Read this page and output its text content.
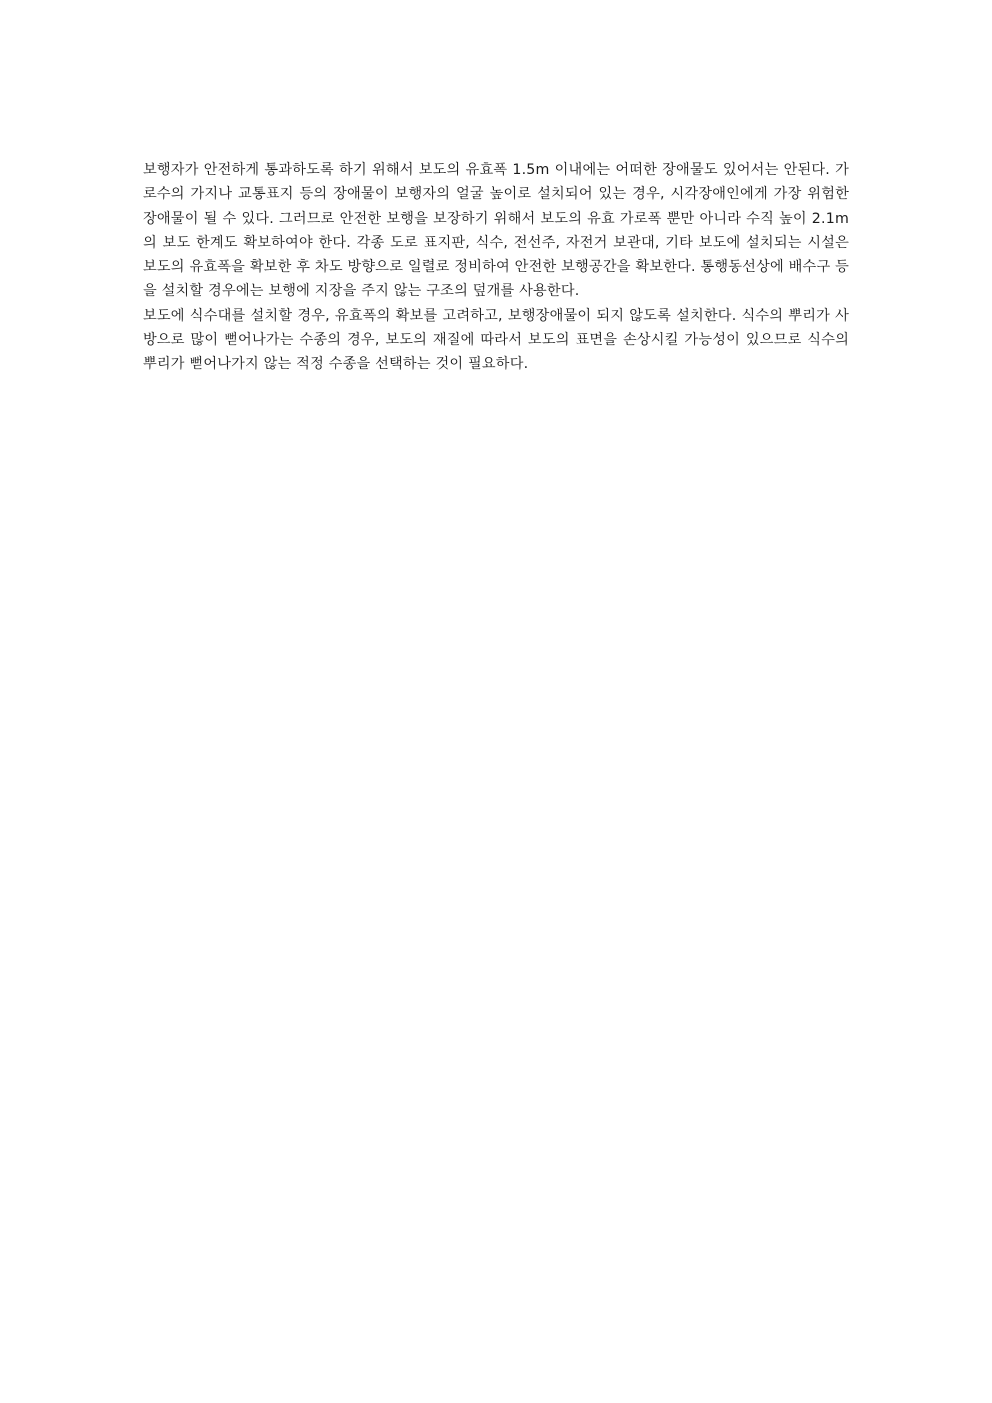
보행자가 안전하게 통과하도록 하기 위해서 보도의 유효폭 1.5m 이내에는 어떠한 장애물도 있어서는 안된다. 가로수의 가지나 교통표지 등의 장애물이 보행자의 얼굴 높이로 설치되어 있는 경우, 시각장애인에게 가장 위험한 장애물이 될 수 있다. 그러므로 안전한 보행을 보장하기 위해서 보도의 유효 가로폭 뿐만 아니라 수직 높이 2.1m의 보도 한계도 확보하여야 한다. 각종 도로 표지판, 식수, 전선주, 자전거 보관대, 기타 보도에 설치되는 시설은 보도의 유효폭을 확보한 후 차도 방향으로 일렬로 정비하여 안전한 보행공간을 확보한다. 통행동선상에 배수구 등을 설치할 경우에는 보행에 지장을 주지 않는 구조의 덮개를 사용한다.

보도에 식수대를 설치할 경우, 유효폭의 확보를 고려하고, 보행장애물이 되지 않도록 설치한다. 식수의 뿌리가 사방으로 많이 뻗어나가는 수종의 경우, 보도의 재질에 따라서 보도의 표면을 손상시킬 가능성이 있으므로 식수의 뿌리가 뻗어나가지 않는 적정 수종을 선택하는 것이 필요하다.
